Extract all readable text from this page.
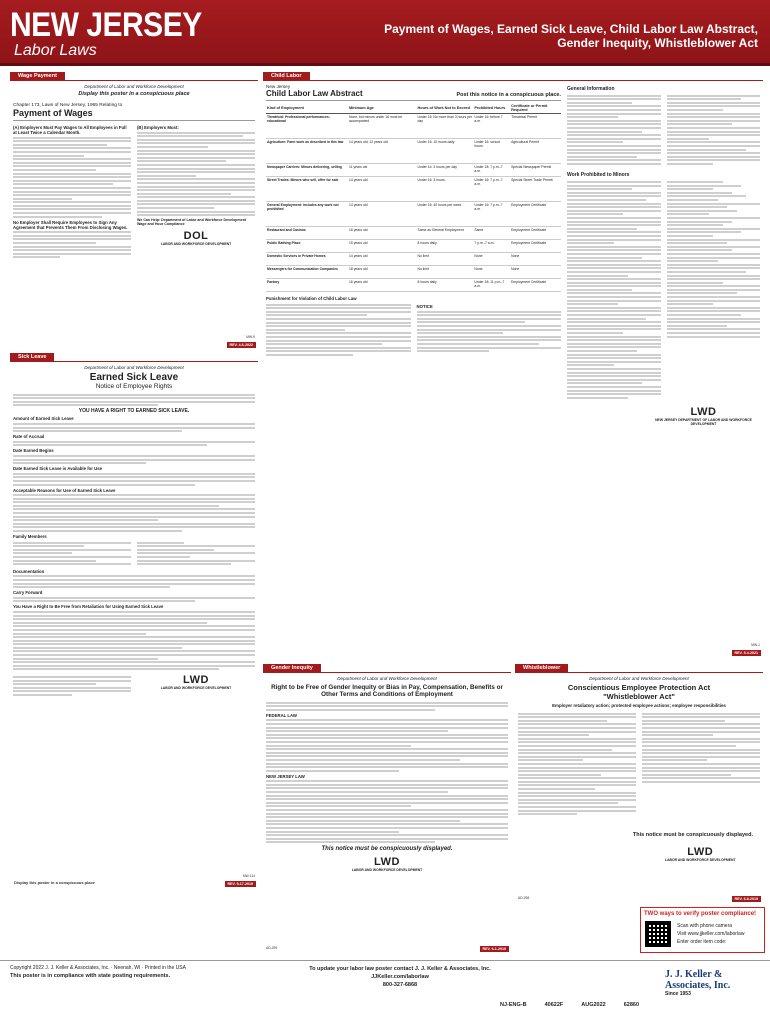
NEW JERSEY
Labor Laws
Payment of Wages, Earned Sick Leave, Child Labor Law Abstract,
Gender Inequity, Whistleblower Act
Wage Payment
Department of Labor and Workforce Development
Display this poster in a conspicuous place
Chapter 173, Laws of New Jersey, 1965 Relating to
Payment of Wages
(A) Employers Must Pay Wages to All Employees in Full at Least Twice a Calendar Month.
No Employer Shall Require Employees to Sign Any Agreement that Prevents Them From Disclosing Wages.
(B) Employers Must:
We Can Help: Department of Labor and Workforce Development Wage and Hour Compliance
DOL
LABOR AND WORKFORCE DEVELOPMENT
REV. 4-6-2022
MW-9
Sick Leave
Department of Labor and Workforce Development
Earned Sick Leave
Notice of Employee Rights
YOU HAVE A RIGHT TO EARNED SICK LEAVE.
Amount of Earned Sick Leave
Rate of Accrual
Date Earned Begins
Date Earned Sick Leave is Available for Use
Acceptable Reasons for Use of Earned Sick Leave
Family Members
Documentation
Carry Forward
You Have a Right to Be Free from Retaliation for Using Earned Sick Leave
LWD
LABOR AND WORKFORCE DEVELOPMENT
Display this poster in a conspicuous place	REV. 5-17-2019
MW-114
Child Labor
New Jersey
Child Labor Law Abstract	Post this notice in a conspicuous place.
Kind of Employment	Minimum Age	Hours of Work Not to Exceed	Prohibited Hours	Certificate or Permit Required
Theatrical: Professional performances; educational	None, but minors under 16 must be accompanied	Under 16: No more than 3 hours per day	Under 16: before 7 a.m.	Theatrical Permit
Agriculture: Farm work as described in this law	14 years old; 12 years old	Under 16: 10 hours daily	Under 16: school hours	Agricultural Permit
Newspaper Carriers: Minors delivering, selling	11 years old	Under 14: 3 hours per day	Under 18: 7 p.m.-7 a.m.	Special Newspaper Permit
Street Trades: Minors who sell, offer for sale	14 years old	Under 16: 3 hours	Under 16: 7 p.m.-7 a.m.	Special Street Trade Permit
General Employment: Includes any work not prohibited	14 years old	Under 16: 40 hours per week	Under 16: 7 p.m.-7 a.m.	Employment Certificate
Restaurant and Casinos	16 years old	Same as General Employment	Same	Employment Certificate
Public Bathing Place	15 years old	8 hours daily	7 p.m.-7 a.m.	Employment Certificate
Domestic Services in Private Homes	14 years old	No limit	None	None
Messengers for Communication Companies	18 years old	No limit	None	None
Factory	16 years old	8 hours daily	Under 18: 11 p.m.-7 a.m.	Employment Certificate
Punishment for Violation of Child Labor Law
NOTICE
General Information
Work Prohibited to Minors
LWD
NEW JERSEY DEPARTMENT OF LABOR AND WORKFORCE DEVELOPMENT
REV. 5-4-2021
MW-1
Gender Inequity
Department of Labor and Workforce Development
Right to be Free of Gender Inequity or Bias in Pay, Compensation, Benefits or
Other Terms and Conditions of Employment
FEDERAL LAW
NEW JERSEY LAW
This notice must be conspicuously displayed.
LWD
LABOR AND WORKFORCE DEVELOPMENT
REV. 6-1-2019
AD-299
Whistleblower
Department of Labor and Workforce Development
Conscientious Employee Protection Act
"Whistleblower Act"
Employer retaliatory action; protected employee actions; employee responsibilities
This notice must be conspicuously displayed.
LWD
LABOR AND WORKFORCE DEVELOPMENT
REV. 6-8-2019
AD-298
TWO ways to verify poster compliance!
Scan with phone camera
Visit www.jjkeller.com/laborlaw
Enter order item code:
Copyright 2022 J. J. Keller & Associates, Inc. · Neenah, WI · Printed in the USA
This poster is in compliance with state posting requirements.
To update your labor law poster contact J. J. Keller & Associates, Inc.
JJKeller.com/laborlaw
800-327-6868
NJ-ENG-B	40622F	AUG2022	62860
J. J. Keller & Associates, Inc.
Since 1953
